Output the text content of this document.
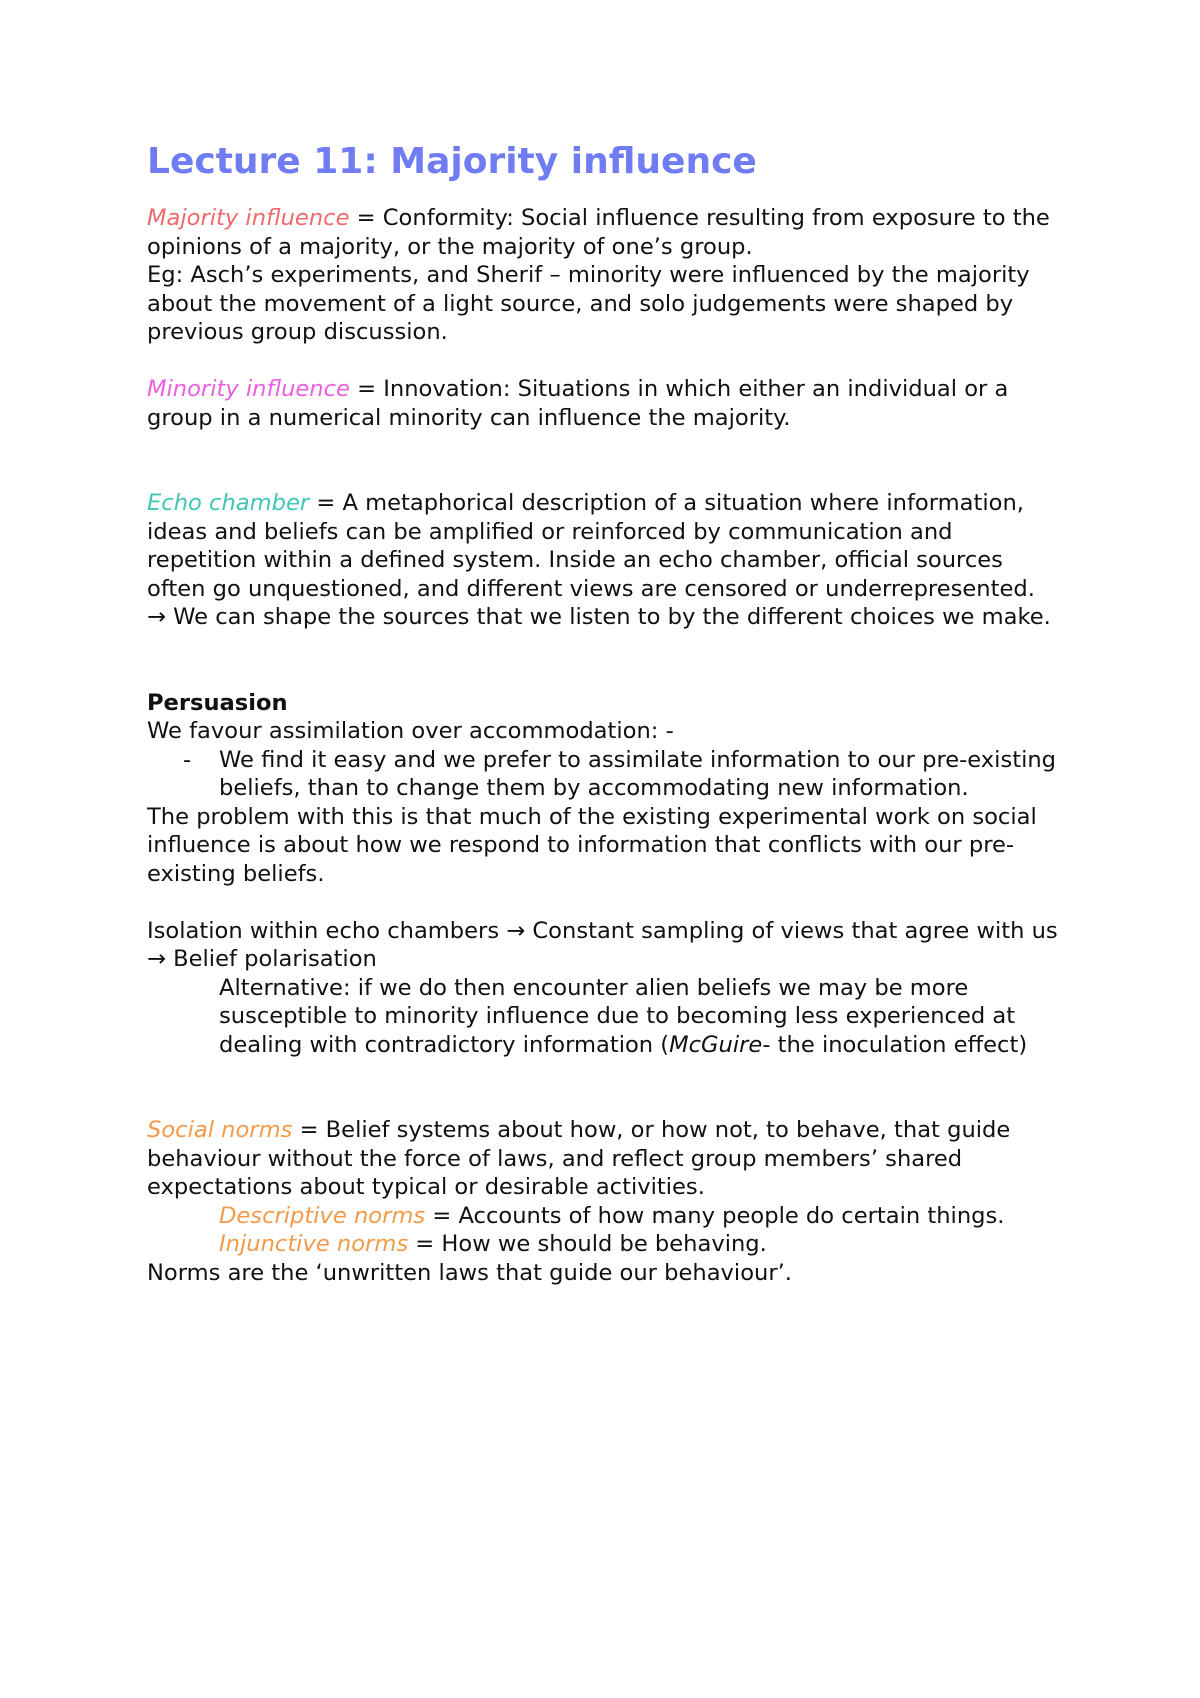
Lecture 11: Majority influence

Majority influence = Conformity: Social influence resulting from exposure to the opinions of a majority, or the majority of one’s group.

Eg: Asch’s experiments, and Sherif – minority were influenced by the majority about the movement of a light source, and solo judgements were shaped by previous group discussion.

Minority influence = Innovation: Situations in which either an individual or a group in a numerical minority can influence the majority.

Echo chamber = A metaphorical description of a situation where information, ideas and beliefs can be amplified or reinforced by communication and repetition within a defined system. Inside an echo chamber, official sources often go unquestioned, and different views are censored or underrepresented.

→ We can shape the sources that we listen to by the different choices we make.

Persuasion

We favour assimilation over accommodation: -

- We find it easy and we prefer to assimilate information to our pre-existing beliefs, than to change them by accommodating new information.

The problem with this is that much of the existing experimental work on social influence is about how we respond to information that conflicts with our pre-existing beliefs.

Isolation within echo chambers → Constant sampling of views that agree with us → Belief polarisation

Alternative: if we do then encounter alien beliefs we may be more susceptible to minority influence due to becoming less experienced at dealing with contradictory information (McGuire- the inoculation effect)

Social norms = Belief systems about how, or how not, to behave, that guide behaviour without the force of laws, and reflect group members’ shared expectations about typical or desirable activities.

Descriptive norms = Accounts of how many people do certain things.

Injunctive norms = How we should be behaving.

Norms are the ‘unwritten laws that guide our behaviour’.
